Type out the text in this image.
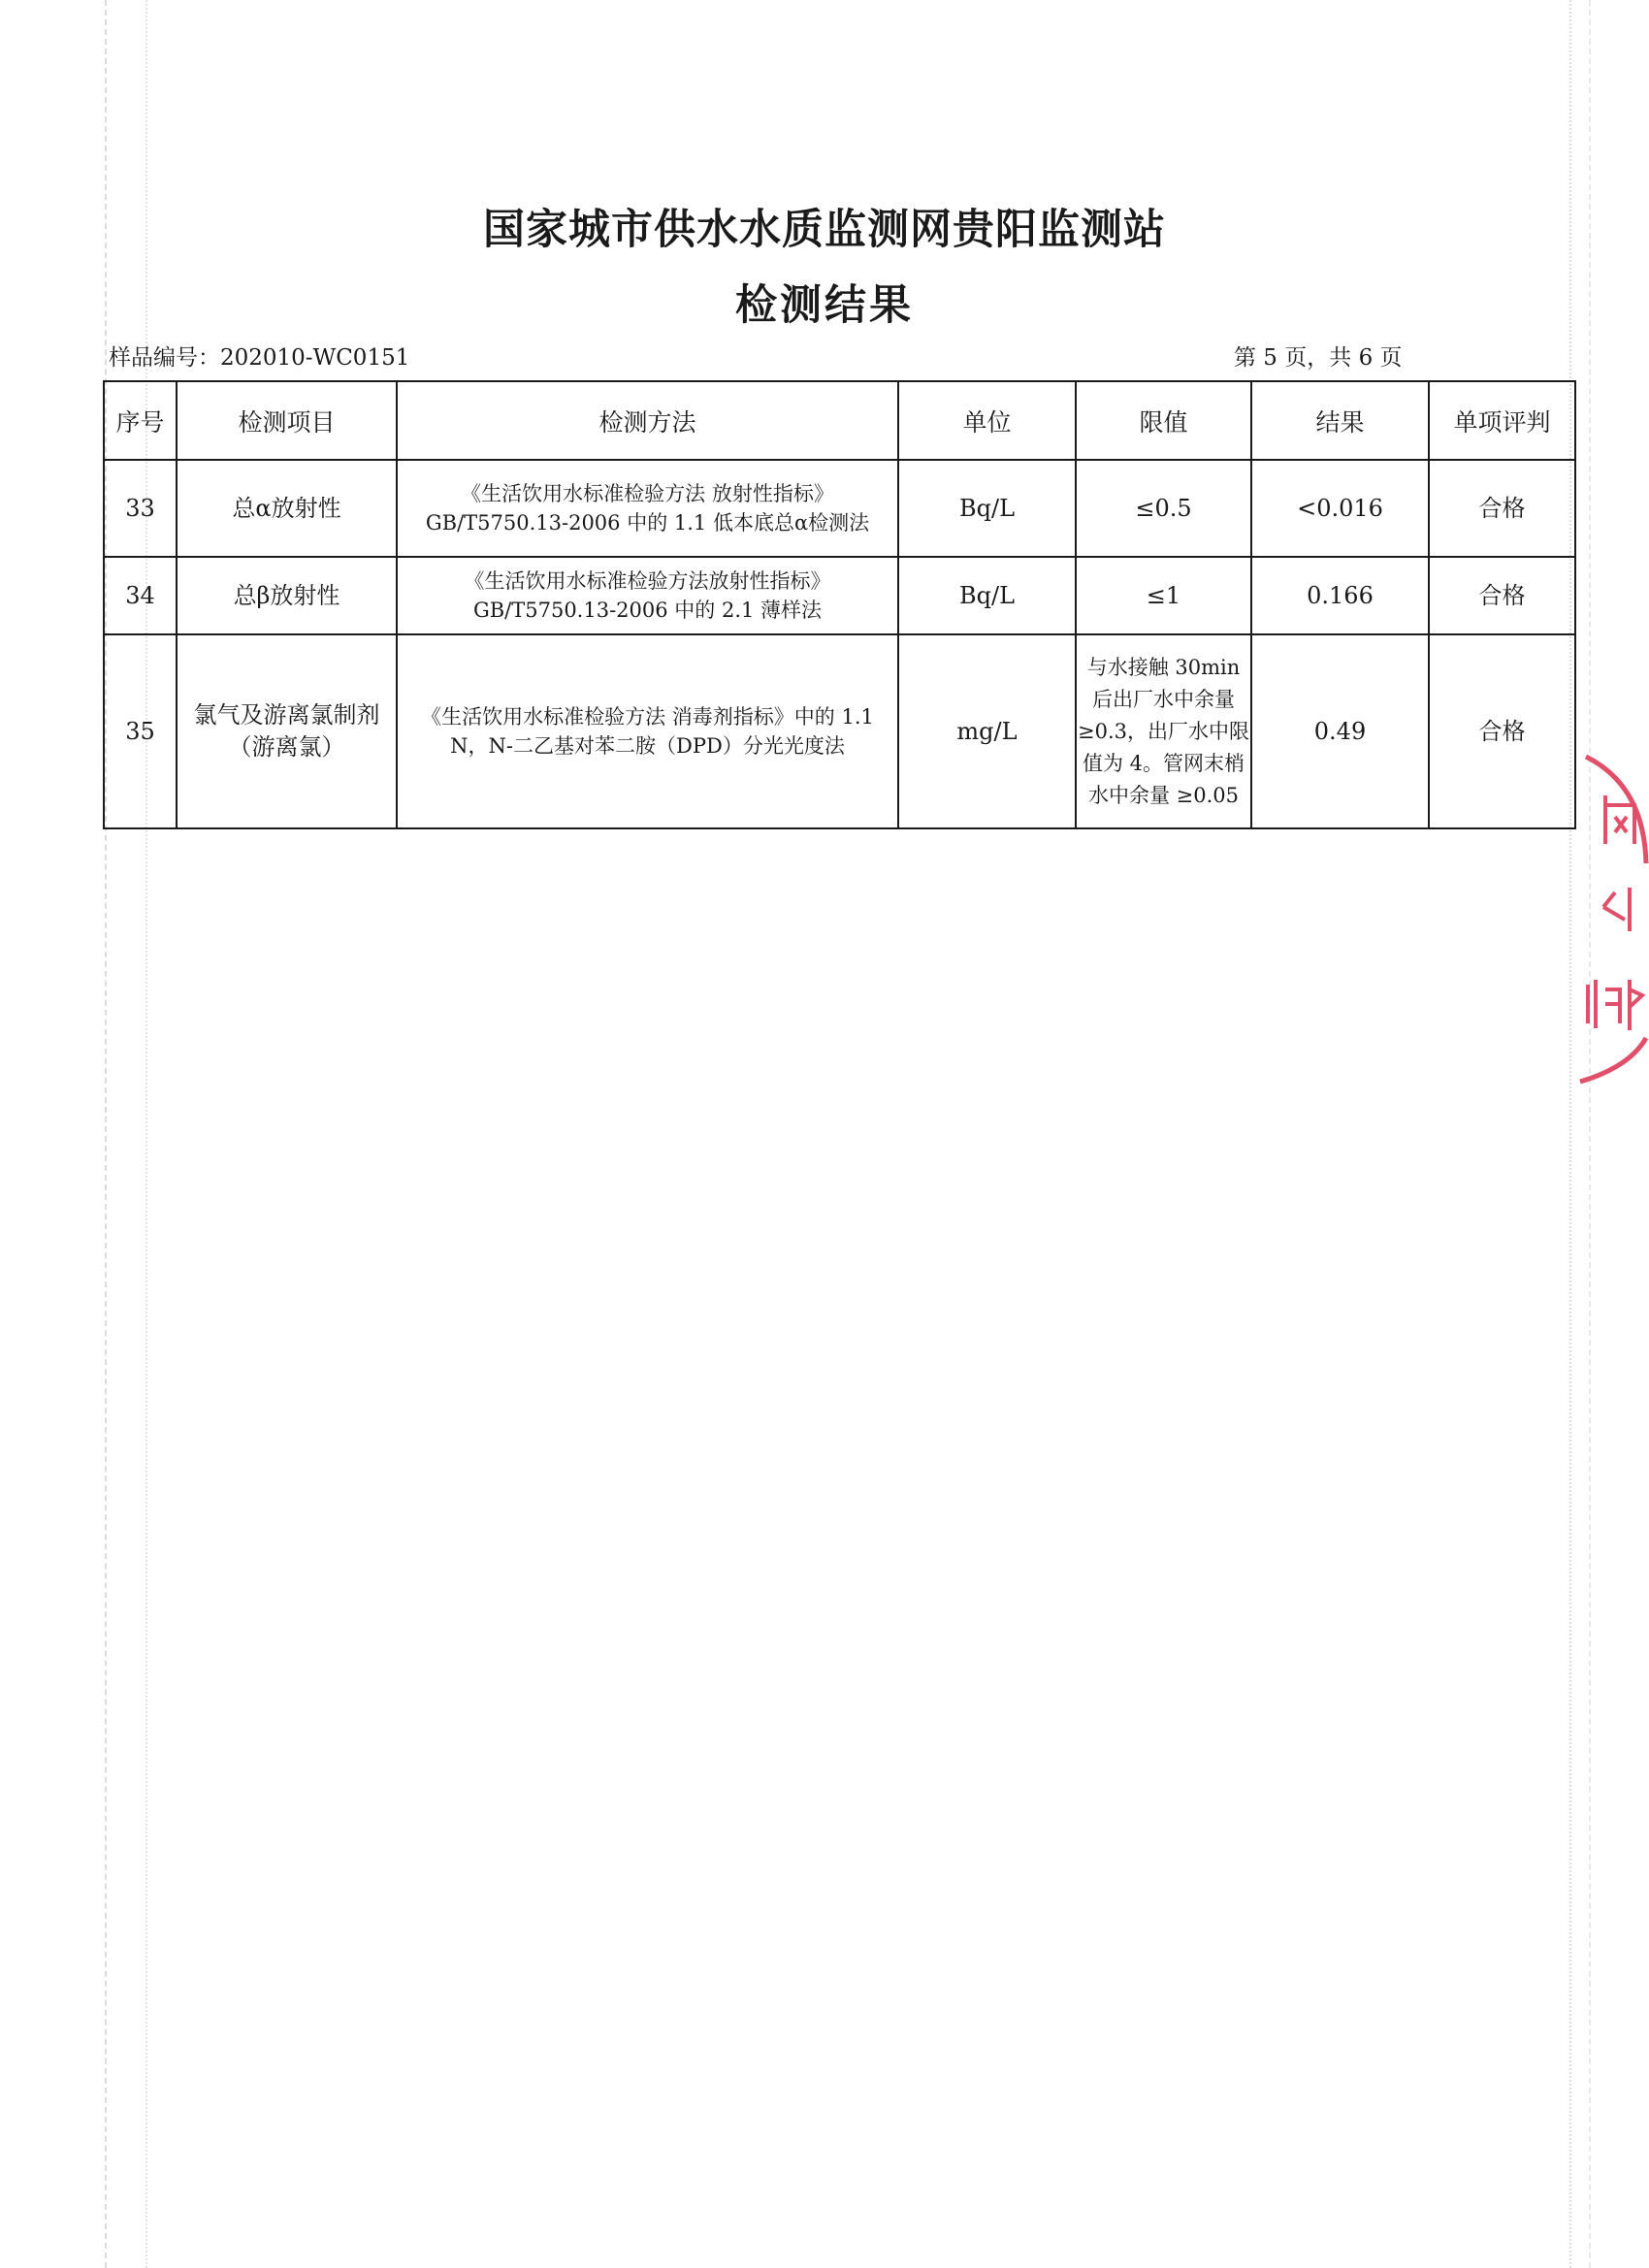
国家城市供水水质监测网贵阳监测站
检测结果
样品编号：202010-WC0151	第 5 页，共 6 页
序号	检测项目	检测方法	单位	限值	结果	单项评判
33	总α放射性	《生活饮用水标准检验方法 放射性指标》GB/T5750.13-2006 中的 1.1 低本底总α检测法	Bq/L	≤0.5	<0.016	合格
34	总β放射性	《生活饮用水标准检验方法放射性指标》GB/T5750.13-2006 中的 2.1 薄样法	Bq/L	≤1	0.166	合格
35	氯气及游离氯制剂（游离氯）	《生活饮用水标准检验方法 消毒剂指标》中的 1.1 N，N-二乙基对苯二胺（DPD）分光光度法	mg/L	与水接触 30min 后出厂水中余量 ≥0.3，出厂水中限值为 4。管网末梢水中余量 ≥0.05	0.49	合格
